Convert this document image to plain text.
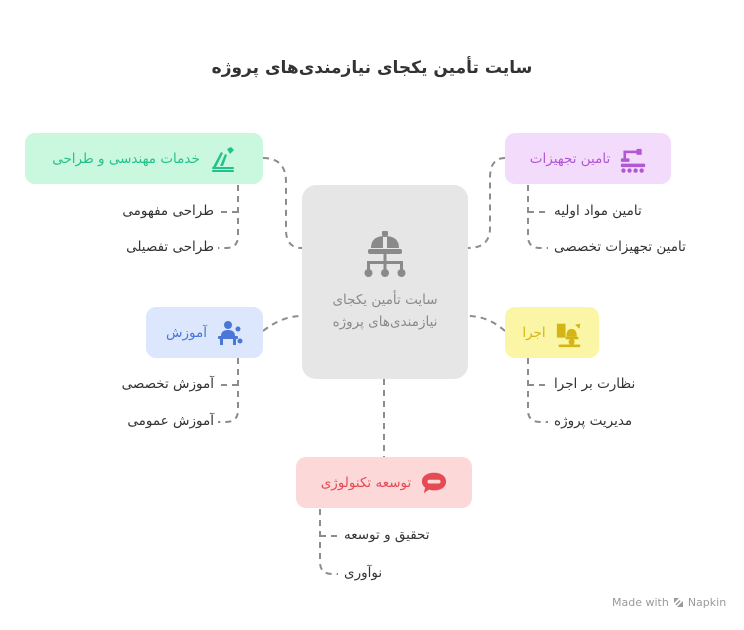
سایت تأمین یکجای نیازمندی‌های پروژه
سایت تأمین یکجای
نیازمندی‌های پروژه
خدمات مهندسی و طراحی	تامین تجهیزات
آموزش	اجرا
توسعه تکنولوژی
طراحی مفهومی
طراحی تفصیلی
تامین مواد اولیه
تامین تجهیزات تخصصی
آموزش تخصصی
آموزش عمومی
نظارت بر اجرا
مدیریت پروژه
تحقیق و توسعه
نوآوری
Made with Napkin
